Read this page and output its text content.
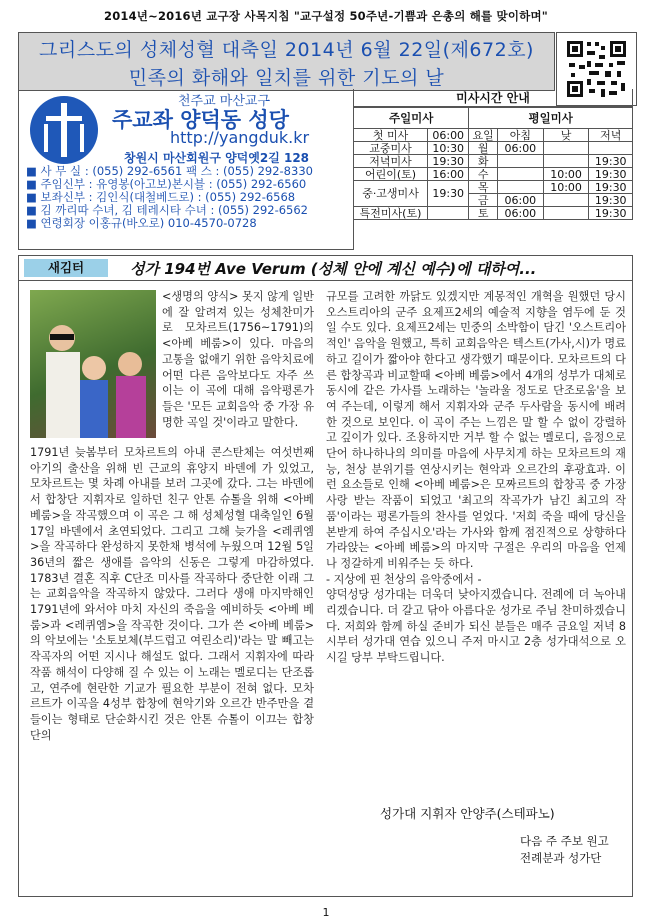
2014년~2016년 교구장 사목지침 "교구설정 50주년-기쁨과 은총의 해를 맞이하며"
그리스도의 성체성혈 대축일 2014년 6월 22일(제672호)
민족의 화해와 일치를 위한 기도의 날
천주교 마산교구
주교좌 양덕동 성당
http://yangduk.kr
창원시 마산회원구 양덕옛2길 128
■ 사 무 실 : (055) 292-6561 팩 스 : (055) 292-8330
■ 주임신부 : 유영봉(아고보)본시블 : (055) 292-6560
■ 보좌신부 : 김인식(대철베드로) : (055) 292-6568
■ 김 까리따 수녀, 김 테레시타 수녀 : (055) 292-6562
■ 연령회장 이홍규(바오로) 010-4570-0728
미사시간 안내
주일미사		평일미사			
첫 미사	06:00	요일	아침	낮	저녁
교중미사	10:30	월	06:00		
저녁미사	19:30	화			19:30
어린이(토)	16:00	수		10:00	19:30
중·고생미사	19:30	목		10:00	19:30
		금	06:00		19:30
특전미사(토)		토	06:00		19:30
새김터	성가 194번 Ave Verum (성체 안에 계신 예수)에 대하여...
<생명의 양식> 못지 않게 일반에 잘 알려져 있는 성체찬미가로 모차르트(1756~1791)의 <아베 베룸>이 있다. 마음의 고통을 없애기 위한 음악치료에 어떤 다른 음악보다도 자주 쓰이는 이 곡에 대해 음악평론가들은 '모든 교회음악 중 가장 유명한 곡일 것'이라고 말한다.
1791년 늦봄부터 모차르트의 아내 콘스탄체는 여섯번째 아기의 출산을 위해 빈 근교의 휴양지 바덴에 가 있었고, 모차르트는 몇 차례 아내를 보러 그곳에 갔다. 그는 바덴에서 합창단 지휘자로 일하던 친구 안톤 슈톨을 위해 <아베 베룸>을 작곡했으며 이 곡은 그 해 성체성혈 대축일인 6월 17일 바덴에서 초연되었다. 그리고 그해 늦가을 <레퀴엠>을 작곡하다 완성하지 못한채 병석에 누웠으며 12월 5일 36년의 짧은 생애를 음악의 신동은 그렇게 마감하였다. 1783년 결혼 직후 C단조 미사를 작곡하다 중단한 이래 그는 교회음악을 작곡하지 않았다. 그러다 생애 마지막해인 1791년에 와서야 마치 자신의 죽음을 예비하듯 <아베 베룸>과 <레퀴엠>을 작곡한 것이다. 그가 쓴 <아베 베룸>의 악보에는 '소토보체(부드럽고 여린소리)'라는 말 빼고는 작곡자의 어떤 지시나 해설도 없다. 그래서 지휘자에 따라 작품 해석이 다양해 질 수 있는 이 노래는 멜로디는 단조롭고, 연주에 현란한 기교가 필요한 부분이 전혀 없다. 모차르트가 이곡을 4성부 합창에 현악기와 오르간 반주만을 곁들이는 형태로 단순화시킨 것은 안톤 슈톨이 이끄는 합창단의
규모를 고려한 까닭도 있겠지만 계몽적인 개혁을 원했던 당시 오스트리아의 군주 요제프2세의 예술적 지향을 염두에 둔 것일 수도 있다. 요제프2세는 민중의 소박함이 담긴 '오스트리아적인' 음악을 원했고, 특히 교회음악은 텍스트(가사,시)가 명료하고 길이가 짧아야 한다고 생각했기 때문이다. 모차르트의 다른 합창곡과 비교할때 <아베 베룸>에서 4개의 성부가 대체로 동시에 같은 가사를 노래하는 '놀라울 정도로 단조로움'을 보여 주는데, 이렇게 해서 지휘자와 군주 두사람을 동시에 배려한 것으로 보인다. 이 곡이 주는 느낌은 말 할 수 없이 강렬하고 깊이가 있다. 조용하지만 거부 할 수 없는 멜로디, 음정으로 단어 하나하나의 의미를 마음에 사무치게 하는 모차르트의 재능, 천상 분위기를 연상시키는 현악과 오르간의 후광효과. 이런 요소들로 인해 <아베 베룸>은 모짜르트의 합창곡 중 가장 사랑 받는 작품이 되었고 '최고의 작곡가가 남긴 최고의 작품'이라는 평론가들의 찬사를 얻었다. '저희 죽을 때에 당신을 본받게 하여 주십시오'라는 가사와 함께 점진적으로 상향하다 가라앉는 <아베 베룸>의 마지막 구절은 우리의 마음을 언제나 정갈하게 비워주는 듯 하다.
- 지상에 핀 천상의 음악중에서 -
양덕성당 성가대는 더욱더 낮아지겠습니다. 전례에 더 녹아내리겠습니다. 더 갈고 닦아 아름다운 성가로 주님 찬미하겠습니다. 저희와 함께 하실 준비가 되신 분들은 매주 금요일 저녁 8시부터 성가대 연습 있으니 주저 마시고 2층 성가대석으로 오시길 당부 부탁드립니다.
성가대 지휘자 안양주(스테파노)
다음 주 주보 원고
전례분과 성가단
1
